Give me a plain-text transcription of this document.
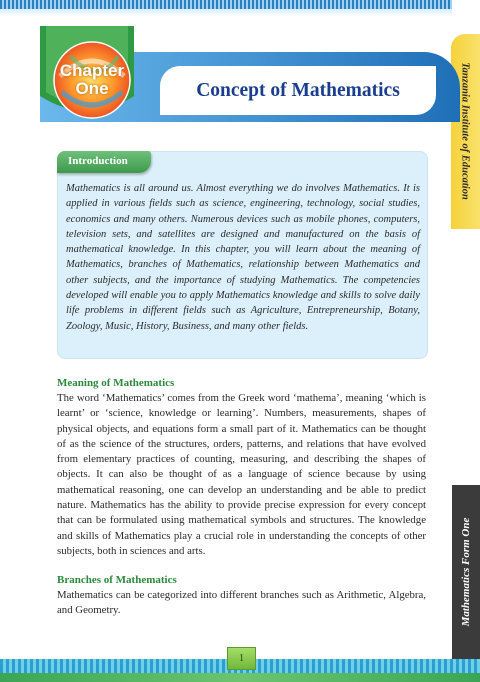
Tanzania Institute of Education
Mathematics Form One
Concept of Mathematics
Chapter
One
Introduction

Mathematics is all around us. Almost everything we do involves Mathematics. It is applied in various fields such as science, engineering, technology, social studies, economics and many others. Numerous devices such as mobile phones, computers, television sets, and satellites are designed and manufactured on the basis of mathematical knowledge. In this chapter, you will learn about the meaning of Mathematics, branches of Mathematics, relationship between Mathematics and other subjects, and the importance of studying Mathematics. The competencies developed will enable you to apply Mathematics knowledge and skills to solve daily life problems in different fields such as Agriculture, Entrepreneurship, Botany, Zoology, Music, History, Business, and many other fields.

Meaning of Mathematics

The word ‘Mathematics’ comes from the Greek word ‘mathema’, meaning ‘which is learnt’ or ‘science, knowledge or learning’. Numbers, measurements, shapes of physical objects, and equations form a small part of it. Mathematics can be thought of as the science of the structures, orders, patterns, and relations that have evolved from elementary practices of counting, measuring, and describing the shapes of objects. It can also be thought of as a language of science because by using mathematical reasoning, one can develop an understanding and be able to predict nature. Mathematics has the ability to provide precise expression for every concept that can be formulated using mathematical symbols and structures. The knowledge and skills of Mathematics play a crucial role in understanding the concepts of other subjects, both in sciences and arts.

Branches of Mathematics

Mathematics can be categorized into different branches such as Arithmetic, Algebra, and Geometry.

1
